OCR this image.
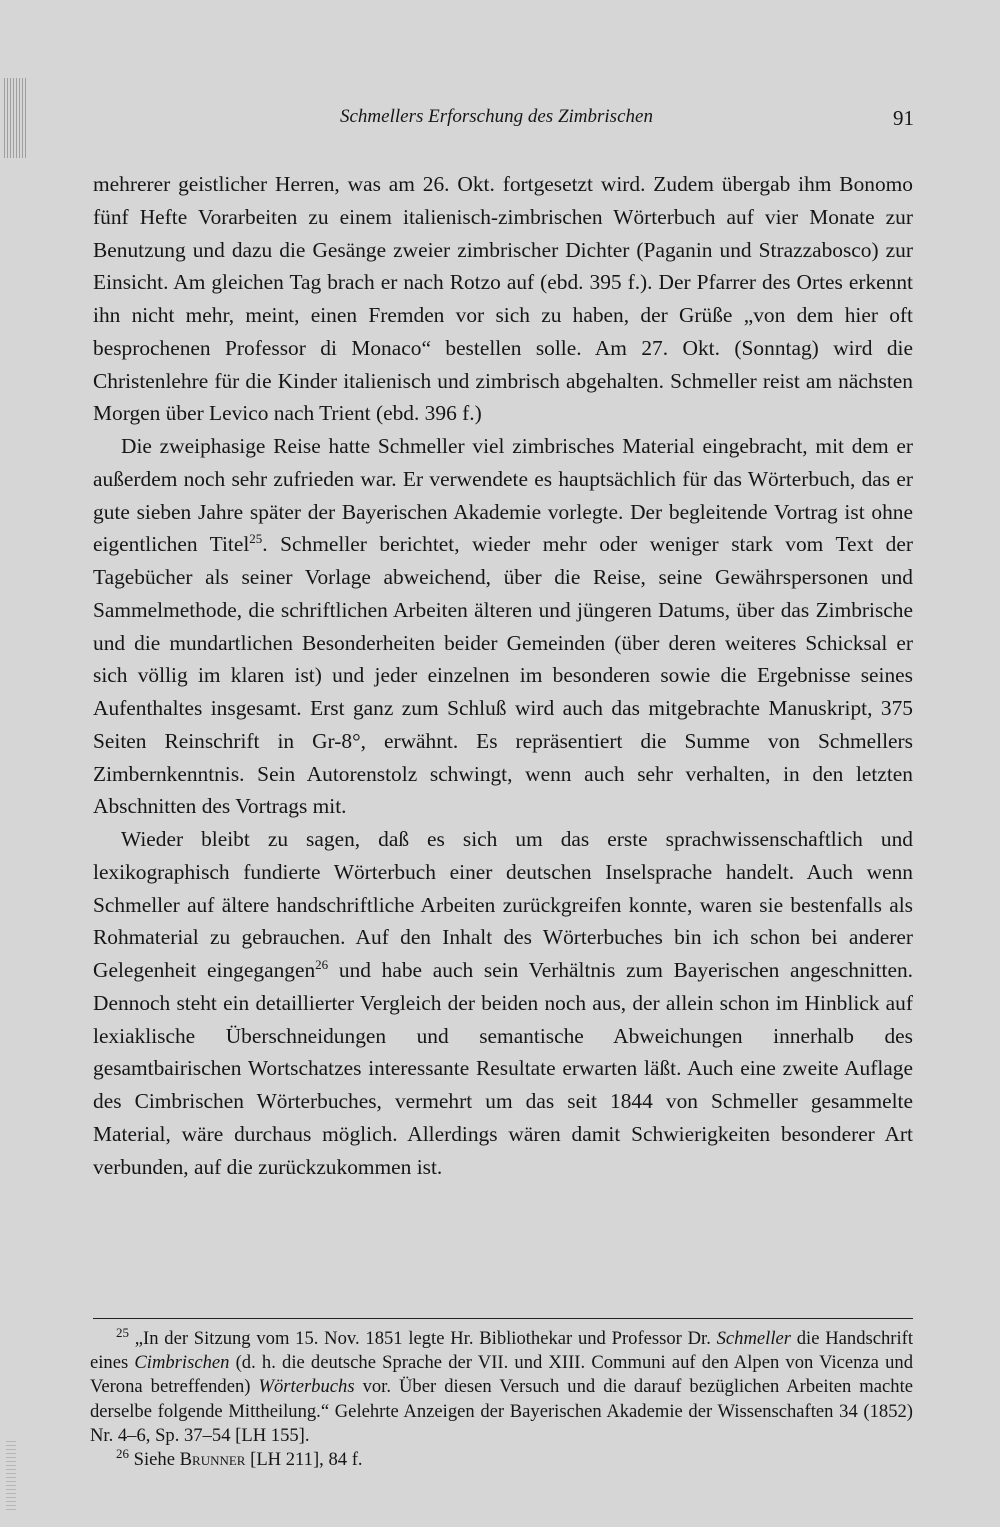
Schmellers Erforschung des Zimbrischen	91

mehrerer geistlicher Herren, was am 26. Okt. fortgesetzt wird. Zudem übergab ihm Bonomo fünf Hefte Vorarbeiten zu einem italienisch-zimbrischen Wörterbuch auf vier Monate zur Benutzung und dazu die Gesänge zweier zimbrischer Dichter (Paganin und Strazzabosco) zur Einsicht. Am gleichen Tag brach er nach Rotzo auf (ebd. 395 f.). Der Pfarrer des Ortes erkennt ihn nicht mehr, meint, einen Fremden vor sich zu haben, der Grüße „von dem hier oft besprochenen Professor di Monaco“ bestellen solle. Am 27. Okt. (Sonntag) wird die Christenlehre für die Kinder italienisch und zimbrisch abgehalten. Schmeller reist am nächsten Morgen über Levico nach Trient (ebd. 396 f.)

Die zweiphasige Reise hatte Schmeller viel zimbrisches Material eingebracht, mit dem er außerdem noch sehr zufrieden war. Er verwendete es hauptsächlich für das Wörterbuch, das er gute sieben Jahre später der Bayerischen Akademie vorlegte. Der begleitende Vortrag ist ohne eigentlichen Titel$^{25}$. Schmeller berichtet, wieder mehr oder weniger stark vom Text der Tagebücher als seiner Vorlage abweichend, über die Reise, seine Gewährspersonen und Sammelmethode, die schriftlichen Arbeiten älteren und jüngeren Datums, über das Zimbrische und die mundartlichen Besonderheiten beider Gemeinden (über deren weiteres Schicksal er sich völlig im klaren ist) und jeder einzelnen im besonderen sowie die Ergebnisse seines Aufenthaltes insgesamt. Erst ganz zum Schluß wird auch das mitgebrachte Manuskript, 375 Seiten Reinschrift in Gr-8°, erwähnt. Es repräsentiert die Summe von Schmellers Zimbernkenntnis. Sein Autorenstolz schwingt, wenn auch sehr verhalten, in den letzten Abschnitten des Vortrags mit.

Wieder bleibt zu sagen, daß es sich um das erste sprachwissenschaftlich und lexikographisch fundierte Wörterbuch einer deutschen Inselsprache handelt. Auch wenn Schmeller auf ältere handschriftliche Arbeiten zurückgreifen konnte, waren sie bestenfalls als Rohmaterial zu gebrauchen. Auf den Inhalt des Wörterbuches bin ich schon bei anderer Gelegenheit eingegangen$^{26}$ und habe auch sein Verhältnis zum Bayerischen angeschnitten. Dennoch steht ein detaillierter Vergleich der beiden noch aus, der allein schon im Hinblick auf lexiaklische Überschneidungen und semantische Abweichungen innerhalb des gesamtbairischen Wortschatzes interessante Resultate erwarten läßt. Auch eine zweite Auflage des Cimbrischen Wörterbuches, vermehrt um das seit 1844 von Schmeller gesammelte Material, wäre durchaus möglich. Allerdings wären damit Schwierigkeiten besonderer Art verbunden, auf die zurückzukommen ist.

$^{25}$ „In der Sitzung vom 15. Nov. 1851 legte Hr. Bibliothekar und Professor Dr. Schmeller die Handschrift eines Cimbrischen (d. h. die deutsche Sprache der VII. und XIII. Communi auf den Alpen von Vicenza und Verona betreffenden) Wörterbuchs vor. Über diesen Versuch und die darauf bezüglichen Arbeiten machte derselbe folgende Mittheilung.“ Gelehrte Anzeigen der Bayerischen Akademie der Wissenschaften 34 (1852) Nr. 4–6, Sp. 37–54 [LH 155].

$^{26}$ Siehe Brunner [LH 211], 84 f.
